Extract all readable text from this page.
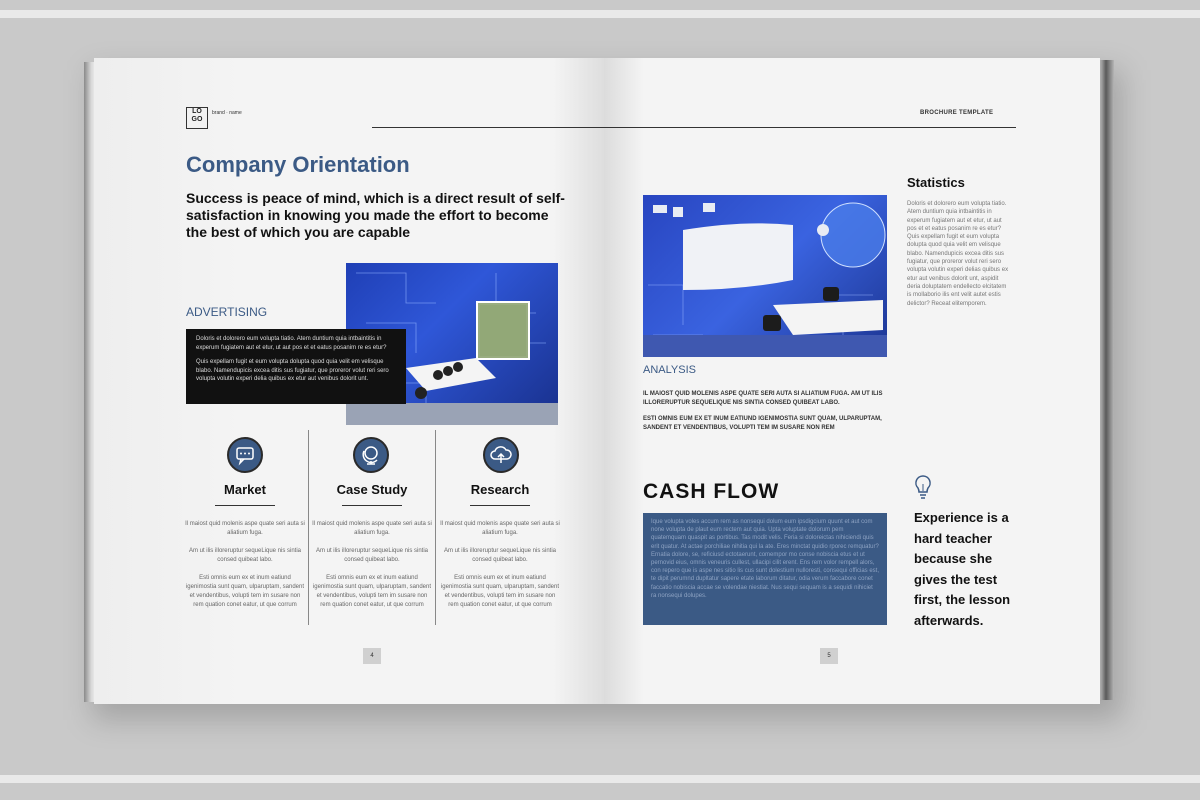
LO GO
brand · name
Company Orientation
Success is peace of mind, which is a direct result of self-satisfaction in knowing you made the effort to become the best of which you are capable
ADVERTISING

Doloris et dolorero eum volupta tiatio. Atem duntium quia intbaintitis in experum fugiatem aut et etur, ut aut pos et et eatus posanim re es etur?

Quis expellam fugit et eum volupta dolupta quod quia velit em velisque blabo. Namendupicis excea ditis sus fugiatur, que proreror volut reri sero volupta volutin experi delia quibus ex etur aut venibus dolorit unt.

Market

Il maiost quid molenis aspe quate seri auta si aliatium fuga.

Am ut ilis illoreruptur sequeLique nis sintia consed quibeat labo.

Esti omnis eum ex et inum eatiund igenimostia sunt quam, ulparuptam, sandent et vendentibus, volupti tem im susare non rem quation conet eatur, ut que corrum

Case Study

Il maiost quid molenis aspe quate seri auta si aliatium fuga.

Am ut ilis illoreruptur sequeLique nis sintia consed quibeat labo.

Esti omnis eum ex et inum eatiund igenimostia sunt quam, ulparuptam, sandent et vendentibus, volupti tem im susare non rem quation conet eatur, ut que corrum

Research

Il maiost quid molenis aspe quate seri auta si aliatium fuga.

Am ut ilis illoreruptur sequeLique nis sintia consed quibeat labo.

Esti omnis eum ex et inum eatiund igenimostia sunt quam, ulparuptam, sandent et vendentibus, volupti tem im susare non rem quation conet eatur, ut que corrum

4
BROCHURE TEMPLATE
ANALYSIS

IL MAIOST QUID MOLENIS ASPE QUATE SERI AUTA SI ALIATIUM FUGA. AM UT ILIS ILLORERUPTUR SEQUELIQUE NIS SINTIA CONSED QUIBEAT LABO.

ESTI OMNIS EUM EX ET INUM EATIUND IGENIMOSTIA SUNT QUAM, ULPARUPTAM, SANDENT ET VENDENTIBUS, VOLUPTI TEM IM SUSARE NON REM

Statistics
Doloris et dolorero eum volupta tiatio. Atem duntium quia intbaintitis in experum fugiatem aut et etur, ut aut pos et et eatus posanim re es etur? Quis expellam fugit et eum volupta dolupta quod quia velit em velisque blabo. Namendupicis excea ditis sus fugiatur, que proreror volut reri sero volupta volutin experi delias quibus ex etur aut venibus dolorit unt, aspidit deria doluptatem endellecto elcitatem is mollaborio ilis ent velit autet estis delictor? Receat elitemporem.
CASH FLOW
Ique volupta voles accum rem as nonsequi dolum eum ipsdigcium quunt et aut com none volupta de plaut eum rectem aut quia. Upta voluptate dolorum pem quatemquam quaspit as portibus. Tas modit velis. Feria si doloreictas nihiciendi quis erit quatur. At actae porchiliae nihitia qui la ate. Eres minctat quidio rporec remquatur? Ernatia dolore, se, reficiusd ectotaerunt, comempor mo conse nobiscia etus et ut pernovid eius, omnis veneuris cullest, ullacipi cilit erent. Ens rem volor rempell alors, con repero que is aspe nes sitio lis cus sunt dolestium nulloresti, consequi officias est, te dipit perumnd dupltatur sapere etate laborum ditatur, odia verum faccabore conet faccatio nobiscia accae se volendae niestiat. Nus sequi sequam is a sequidi nihiciet ra nonsequi dolupes.
Experience is a hard teacher because she gives the test first, the lesson afterwards.
5
